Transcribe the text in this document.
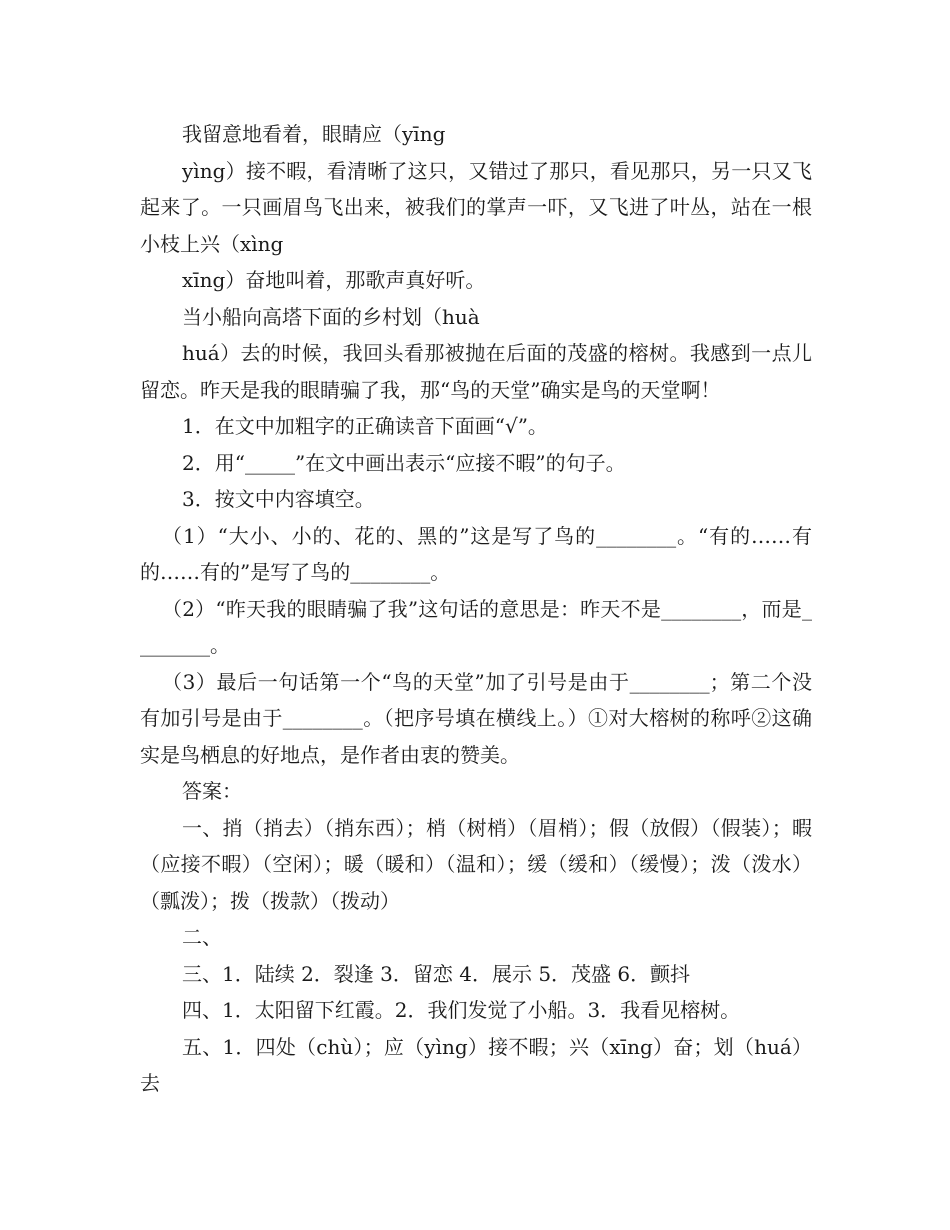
我留意地看着，眼睛应（yīng

yìng）接不暇，看清晰了这只，又错过了那只，看见那只，另一只又飞起来了。一只画眉鸟飞出来，被我们的掌声一吓，又飞进了叶丛，站在一根小枝上兴（xìng

xīng）奋地叫着，那歌声真好听。

当小船向高塔下面的乡村划（huà

huá）去的时候，我回头看那被抛在后面的茂盛的榕树。我感到一点儿留恋。昨天是我的眼睛骗了我，那“鸟的天堂”确实是鸟的天堂啊！

1．在文中加粗字的正确读音下面画“√”。

2．用“_____”在文中画出表示“应接不暇”的句子。

3．按文中内容填空。

（1）“大小、小的、花的、黑的”这是写了鸟的________。“有的……有的……有的”是写了鸟的________。

（2）“昨天我的眼睛骗了我”这句话的意思是：昨天不是________，而是________。

（3）最后一句话第一个“鸟的天堂”加了引号是由于________；第二个没有加引号是由于________。（把序号填在横线上。）①对大榕树的称呼②这确实是鸟栖息的好地点，是作者由衷的赞美。

答案：

一、捎（捎去）（捎东西）；梢（树梢）（眉梢）；假（放假）（假装）；暇（应接不暇）（空闲）；暖（暖和）（温和）；缓（缓和）（缓慢）；泼（泼水）（瓢泼）；拨（拨款）（拨动）

二、

三、1．陆续 2．裂逢 3．留恋 4．展示 5．茂盛 6．颤抖

四、1．太阳留下红霞。2．我们发觉了小船。3．我看见榕树。

五、1．四处（chù）；应（yìng）接不暇；兴（xīng）奋；划（huá）去
